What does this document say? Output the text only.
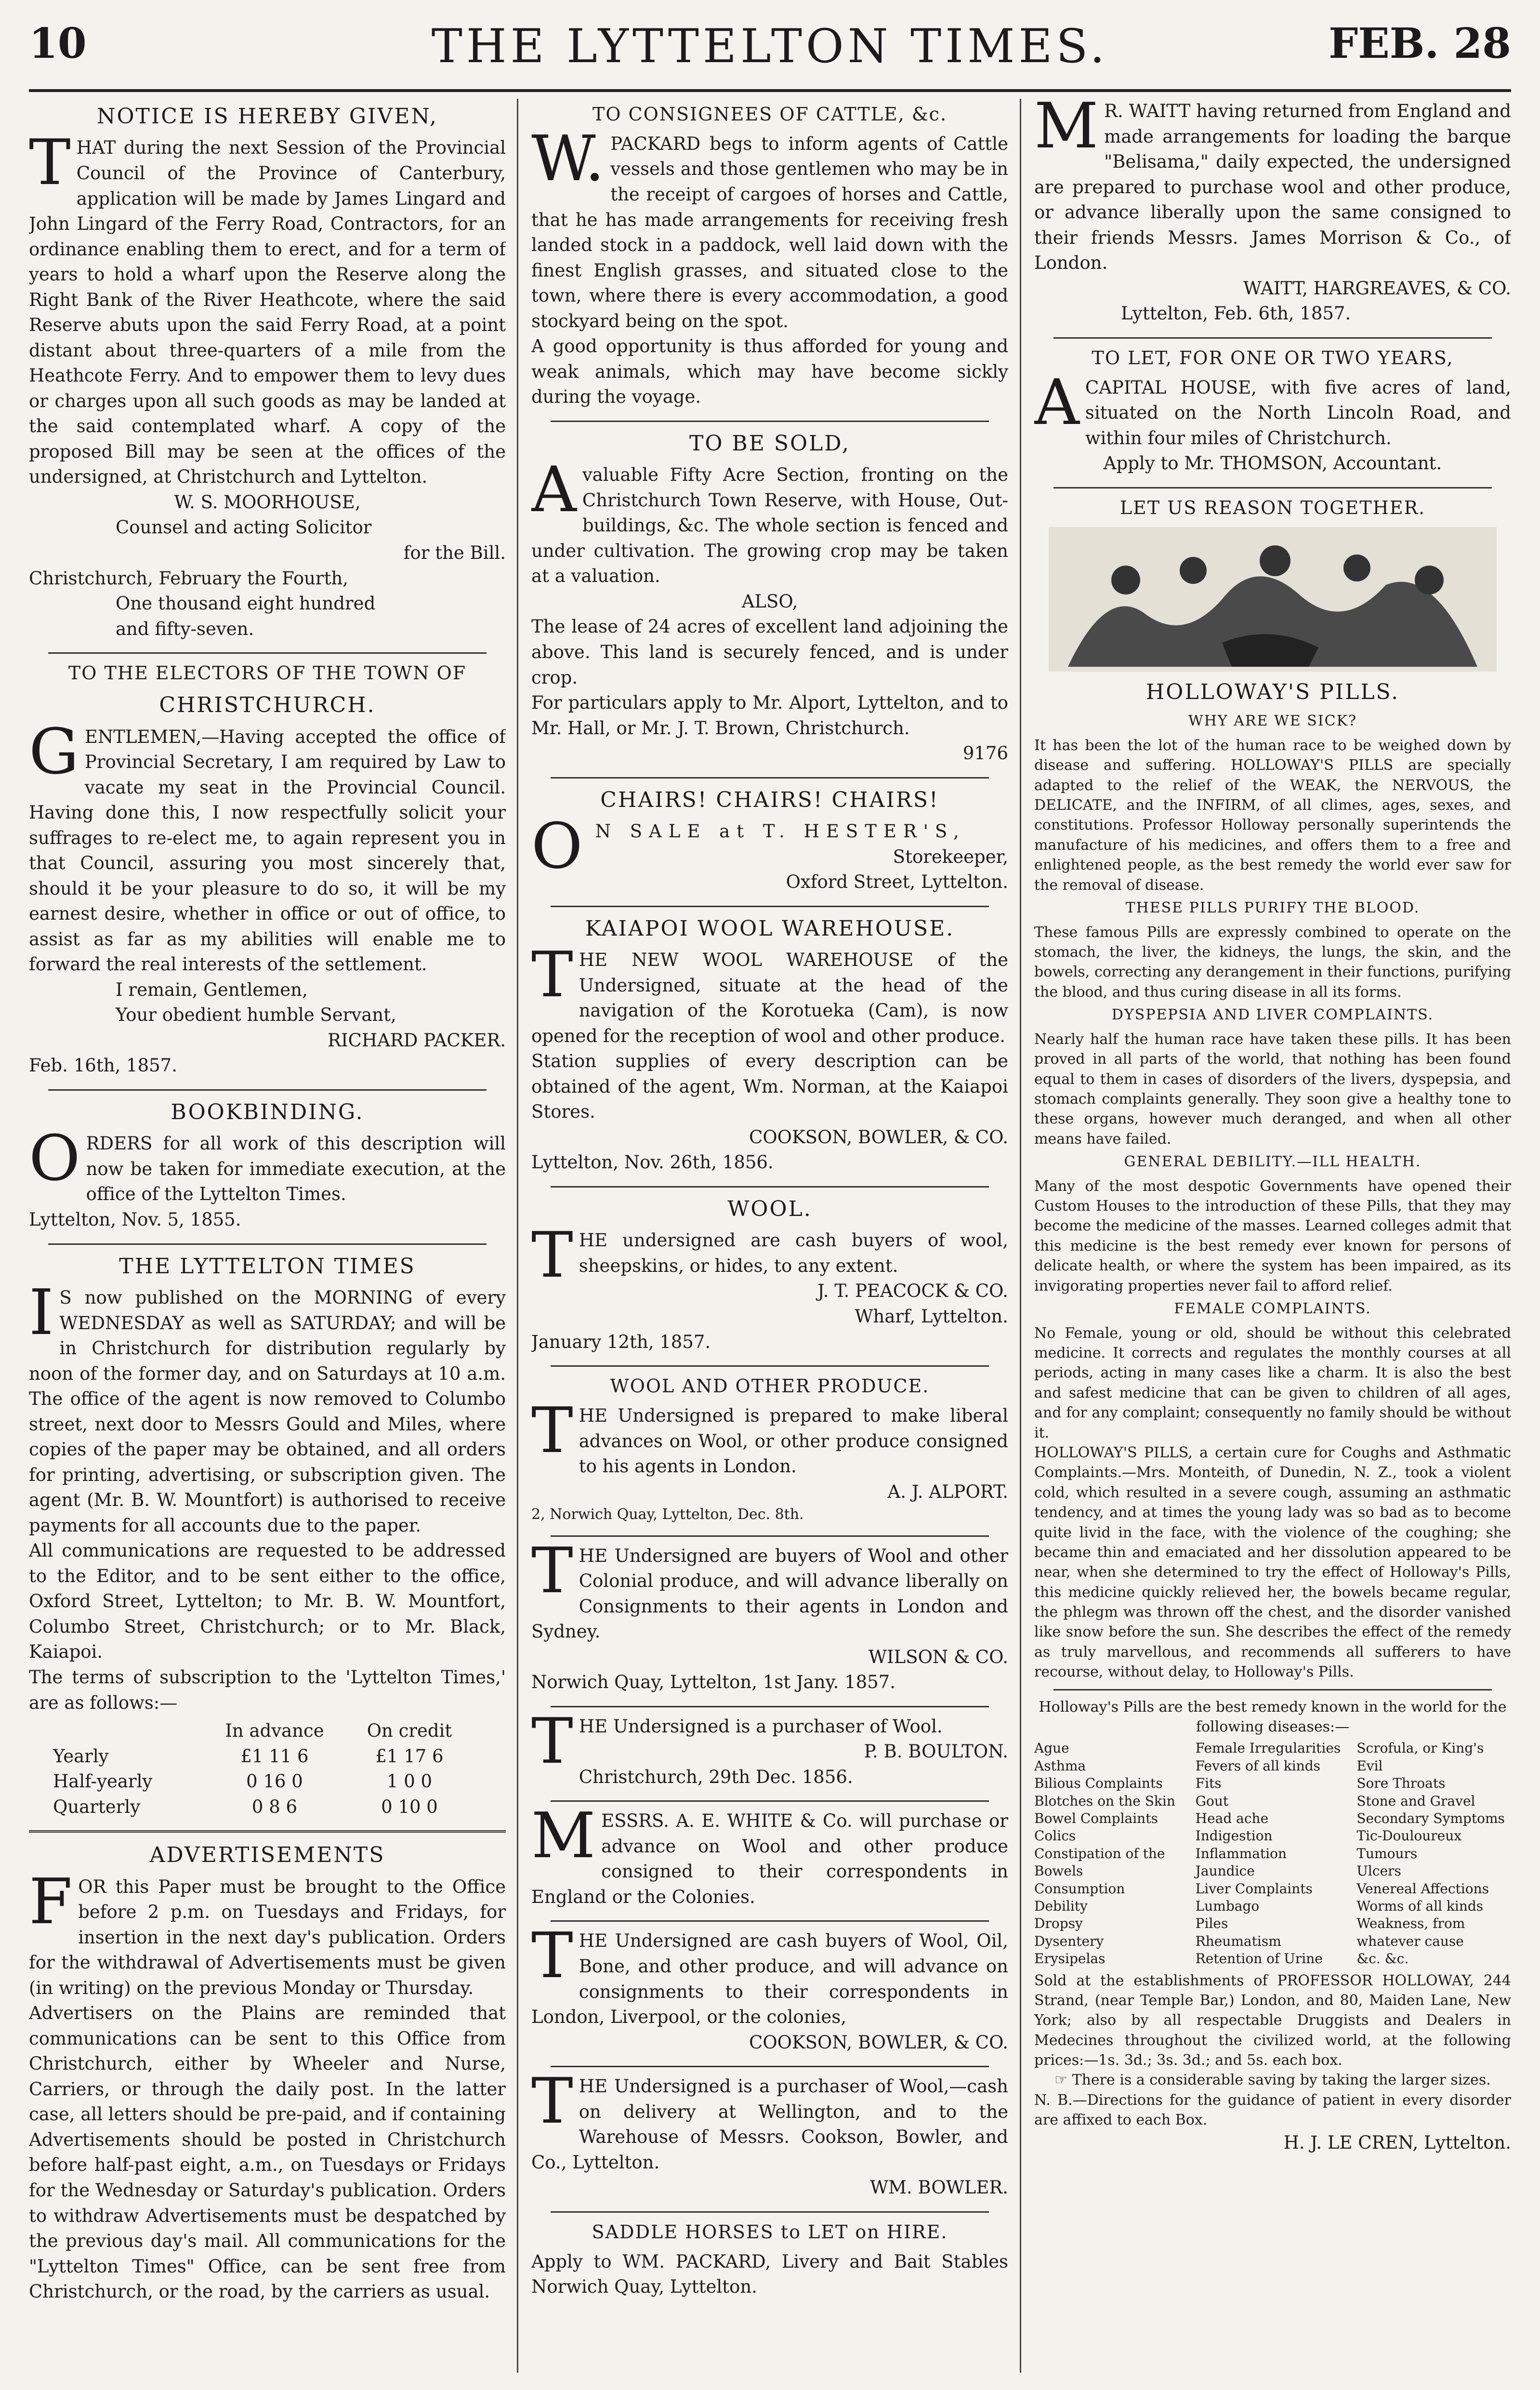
10	THE LYTTELTON TIMES.	FEB. 28
NOTICE IS HEREBY GIVEN,

THAT during the next Session of the Provincial Council of the Province of Canterbury, application will be made by James Lingard and John Lingard of the Ferry Road, Contractors, for an ordinance enabling them to erect, and for a term of years to hold a wharf upon the Reserve along the Right Bank of the River Heathcote, where the said Reserve abuts upon the said Ferry Road, at a point distant about three-quarters of a mile from the Heathcote Ferry. And to empower them to levy dues or charges upon all such goods as may be landed at the said contemplated wharf. A copy of the proposed Bill may be seen at the offices of the undersigned, at Christchurch and Lyttelton.

W. S. MOORHOUSE,

Counsel and acting Solicitor

for the Bill.

Christchurch, February the Fourth,

One thousand eight hundred

and fifty-seven.

TO THE ELECTORS OF THE TOWN OF
CHRISTCHURCH.

GENTLEMEN,—Having accepted the office of Provincial Secretary, I am required by Law to vacate my seat in the Provincial Council. Having done this, I now respectfully solicit your suffrages to re-elect me, to again represent you in that Council, assuring you most sincerely that, should it be your pleasure to do so, it will be my earnest desire, whether in office or out of office, to assist as far as my abilities will enable me to forward the real interests of the settlement.

I remain, Gentlemen,

Your obedient humble Servant,

RICHARD PACKER.

Feb. 16th, 1857.

BOOKBINDING.

ORDERS for all work of this description will now be taken for immediate execution, at the office of the Lyttelton Times.

Lyttelton, Nov. 5, 1855.

THE LYTTELTON TIMES

IS now published on the MORNING of every WEDNESDAY as well as SATURDAY; and will be in Christchurch for distribution regularly by noon of the former day, and on Saturdays at 10 a.m. The office of the agent is now removed to Columbo street, next door to Messrs Gould and Miles, where copies of the paper may be obtained, and all orders for printing, advertising, or subscription given. The agent (Mr. B. W. Mountfort) is authorised to receive payments for all accounts due to the paper.

All communications are requested to be addressed to the Editor, and to be sent either to the office, Oxford Street, Lyttelton; to Mr. B. W. Mountfort, Columbo Street, Christchurch; or to Mr. Black, Kaiapoi.

The terms of subscription to the 'Lyttelton Times,' are as follows:—

In advance	On credit
Yearly	£1 11 6	£1 17 6
Half-yearly	0 16 0	1 0 0
Quarterly	0 8 6	0 10 0
ADVERTISEMENTS

FOR this Paper must be brought to the Office before 2 p.m. on Tuesdays and Fridays, for insertion in the next day's publication. Orders for the withdrawal of Advertisements must be given (in writing) on the previous Monday or Thursday.

Advertisers on the Plains are reminded that communications can be sent to this Office from Christchurch, either by Wheeler and Nurse, Carriers, or through the daily post. In the latter case, all letters should be pre-paid, and if containing Advertisements should be posted in Christchurch before half-past eight, a.m., on Tuesdays or Fridays for the Wednesday or Saturday's publication. Orders to withdraw Advertisements must be despatched by the previous day's mail. All communications for the "Lyttelton Times" Office, can be sent free from Christchurch, or the road, by the carriers as usual.

TO CONSIGNEES OF CATTLE, &c.

W.PACKARD begs to inform agents of Cattle vessels and those gentlemen who may be in the receipt of cargoes of horses and Cattle, that he has made arrangements for receiving fresh landed stock in a paddock, well laid down with the finest English grasses, and situated close to the town, where there is every accommodation, a good stockyard being on the spot.

A good opportunity is thus afforded for young and weak animals, which may have become sickly during the voyage.

TO BE SOLD,

Avaluable Fifty Acre Section, fronting on the Christchurch Town Reserve, with House, Out-buildings, &c. The whole section is fenced and under cultivation. The growing crop may be taken at a valuation.

ALSO,

The lease of 24 acres of excellent land adjoining the above. This land is securely fenced, and is under crop.

For particulars apply to Mr. Alport, Lyttelton, and to Mr. Hall, or Mr. J. T. Brown, Christchurch.

9176

CHAIRS! CHAIRS! CHAIRS!

ON SALE at T. HESTER'S,

Storekeeper,

Oxford Street, Lyttelton.

KAIAPOI WOOL WAREHOUSE.

THE NEW WOOL WAREHOUSE of the Undersigned, situate at the head of the navigation of the Korotueka (Cam), is now opened for the reception of wool and other produce.

Station supplies of every description can be obtained of the agent, Wm. Norman, at the Kaiapoi Stores.

COOKSON, BOWLER, & CO.

Lyttelton, Nov. 26th, 1856.

WOOL.

THE undersigned are cash buyers of wool, sheepskins, or hides, to any extent.

J. T. PEACOCK & CO.

Wharf, Lyttelton.

January 12th, 1857.

WOOL AND OTHER PRODUCE.

THE Undersigned is prepared to make liberal advances on Wool, or other produce consigned to his agents in London.

A. J. ALPORT.

2, Norwich Quay, Lyttelton, Dec. 8th.

THE Undersigned are buyers of Wool and other Colonial produce, and will advance liberally on Consignments to their agents in London and Sydney.

WILSON & CO.

Norwich Quay, Lyttelton, 1st Jany. 1857.

THE Undersigned is a purchaser of Wool.

P. B. BOULTON.

Christchurch, 29th Dec. 1856.

MESSRS. A. E. WHITE & Co. will purchase or advance on Wool and other produce consigned to their correspondents in England or the Colonies.

THE Undersigned are cash buyers of Wool, Oil, Bone, and other produce, and will advance on consignments to their correspondents in London, Liverpool, or the colonies,

COOKSON, BOWLER, & CO.

THE Undersigned is a purchaser of Wool,—cash on delivery at Wellington, and to the Warehouse of Messrs. Cookson, Bowler, and Co., Lyttelton.

WM. BOWLER.

SADDLE HORSES to LET on HIRE.

Apply to WM. PACKARD, Livery and Bait Stables Norwich Quay, Lyttelton.

MR. WAITT having returned from England and made arrangements for loading the barque "Belisama," daily expected, the undersigned are prepared to purchase wool and other produce, or advance liberally upon the same consigned to their friends Messrs. James Morrison & Co., of London.

WAITT, HARGREAVES, & CO.

Lyttelton, Feb. 6th, 1857.

TO LET, FOR ONE OR TWO YEARS,

ACAPITAL HOUSE, with five acres of land, situated on the North Lincoln Road, and within four miles of Christchurch.

Apply to Mr. THOMSON, Accountant.

LET US REASON TOGETHER.
HOLLOWAY'S PILLS.
WHY ARE WE SICK?

It has been the lot of the human race to be weighed down by disease and suffering. HOLLOWAY'S PILLS are specially adapted to the relief of the WEAK, the NERVOUS, the DELICATE, and the INFIRM, of all climes, ages, sexes, and constitutions. Professor Holloway personally superintends the manufacture of his medicines, and offers them to a free and enlightened people, as the best remedy the world ever saw for the removal of disease.

THESE PILLS PURIFY THE BLOOD.

These famous Pills are expressly combined to operate on the stomach, the liver, the kidneys, the lungs, the skin, and the bowels, correcting any derangement in their functions, purifying the blood, and thus curing disease in all its forms.

DYSPEPSIA AND LIVER COMPLAINTS.

Nearly half the human race have taken these pills. It has been proved in all parts of the world, that nothing has been found equal to them in cases of disorders of the livers, dyspepsia, and stomach complaints generally. They soon give a healthy tone to these organs, however much deranged, and when all other means have failed.

GENERAL DEBILITY.—ILL HEALTH.

Many of the most despotic Governments have opened their Custom Houses to the introduction of these Pills, that they may become the medicine of the masses. Learned colleges admit that this medicine is the best remedy ever known for persons of delicate health, or where the system has been impaired, as its invigorating properties never fail to afford relief.

FEMALE COMPLAINTS.

No Female, young or old, should be without this celebrated medicine. It corrects and regulates the monthly courses at all periods, acting in many cases like a charm. It is also the best and safest medicine that can be given to children of all ages, and for any complaint; consequently no family should be without it.

HOLLOWAY'S PILLS, a certain cure for Coughs and Asthmatic Complaints.—Mrs. Monteith, of Dunedin, N. Z., took a violent cold, which resulted in a severe cough, assuming an asthmatic tendency, and at times the young lady was so bad as to become quite livid in the face, with the violence of the coughing; she became thin and emaciated and her dissolution appeared to be near, when she determined to try the effect of Holloway's Pills, this medicine quickly relieved her, the bowels became regular, the phlegm was thrown off the chest, and the disorder vanished like snow before the sun. She describes the effect of the remedy as truly marvellous, and recommends all sufferers to have recourse, without delay, to Holloway's Pills.

Holloway's Pills are the best remedy known in the world for the following diseases:—

Ague
Asthma
Bilious Complaints
Blotches on the Skin
Bowel Complaints
Colics
Constipation of the Bowels
Consumption
Debility
Dropsy
Dysentery
Erysipelas
Female Irregularities
Fevers of all kinds
Fits
Gout
Head ache
Indigestion
Inflammation
Jaundice
Liver Complaints
Lumbago
Piles
Rheumatism
Retention of Urine
Scrofula, or King's Evil
Sore Throats
Stone and Gravel
Secondary Symptoms
Tic-Douloureux
Tumours
Ulcers
Venereal Affections
Worms of all kinds
Weakness, from whatever cause
&c. &c.

Sold at the establishments of PROFESSOR HOLLOWAY, 244 Strand, (near Temple Bar,) London, and 80, Maiden Lane, New York; also by all respectable Druggists and Dealers in Medecines throughout the civilized world, at the following prices:—1s. 3d.; 3s. 3d.; and 5s. each box.

☞ There is a considerable saving by taking the larger sizes.

N. B.—Directions for the guidance of patient in every disorder are affixed to each Box.

H. J. LE CREN, Lyttelton.
